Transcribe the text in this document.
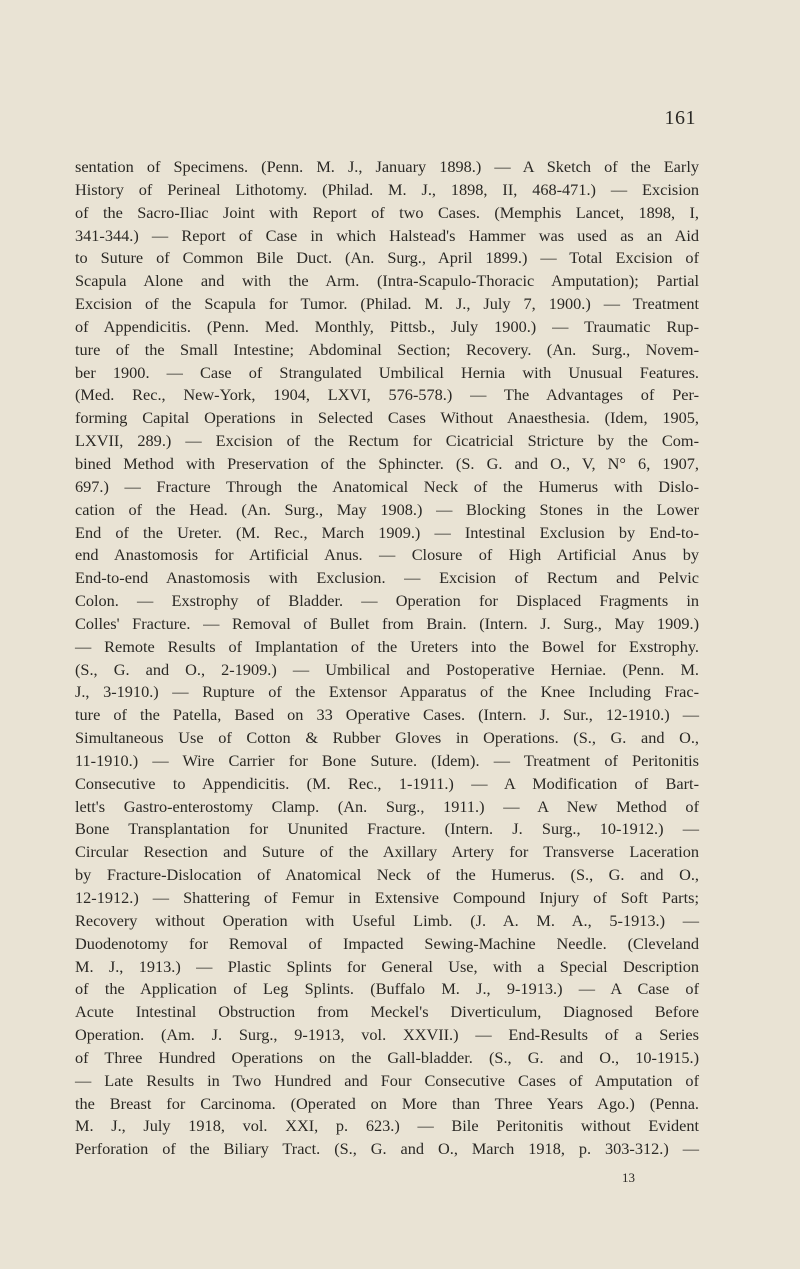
161
sentation of Specimens. (Penn. M. J., January 1898.) — A Sketch of the Early
History of Perineal Lithotomy. (Philad. M. J., 1898, II, 468-471.) — Excision
of the Sacro-Iliac Joint with Report of two Cases. (Memphis Lancet, 1898, I,
341-344.) — Report of Case in which Halstead's Hammer was used as an Aid
to Suture of Common Bile Duct. (An. Surg., April 1899.) — Total Excision of
Scapula Alone and with the Arm. (Intra-Scapulo-Thoracic Amputation); Partial
Excision of the Scapula for Tumor. (Philad. M. J., July 7, 1900.) — Treatment
of Appendicitis. (Penn. Med. Monthly, Pittsb., July 1900.) — Traumatic Rup-
ture of the Small Intestine; Abdominal Section; Recovery. (An. Surg., Novem-
ber 1900. — Case of Strangulated Umbilical Hernia with Unusual Features.
(Med. Rec., New-York, 1904, LXVI, 576-578.) — The Advantages of Per-
forming Capital Operations in Selected Cases Without Anaesthesia. (Idem, 1905,
LXVII, 289.) — Excision of the Rectum for Cicatricial Stricture by the Com-
bined Method with Preservation of the Sphincter. (S. G. and O., V, N° 6, 1907,
697.) — Fracture Through the Anatomical Neck of the Humerus with Dislo-
cation of the Head. (An. Surg., May 1908.) — Blocking Stones in the Lower
End of the Ureter. (M. Rec., March 1909.) — Intestinal Exclusion by End-to-
end Anastomosis for Artificial Anus. — Closure of High Artificial Anus by
End-to-end Anastomosis with Exclusion. — Excision of Rectum and Pelvic
Colon. — Exstrophy of Bladder. — Operation for Displaced Fragments in
Colles' Fracture. — Removal of Bullet from Brain. (Intern. J. Surg., May 1909.)
— Remote Results of Implantation of the Ureters into the Bowel for Exstrophy.
(S., G. and O., 2-1909.) — Umbilical and Postoperative Herniae. (Penn. M.
J., 3-1910.) — Rupture of the Extensor Apparatus of the Knee Including Frac-
ture of the Patella, Based on 33 Operative Cases. (Intern. J. Sur., 12-1910.) —
Simultaneous Use of Cotton & Rubber Gloves in Operations. (S., G. and O.,
11-1910.) — Wire Carrier for Bone Suture. (Idem). — Treatment of Peritonitis
Consecutive to Appendicitis. (M. Rec., 1-1911.) — A Modification of Bart-
lett's Gastro-enterostomy Clamp. (An. Surg., 1911.) — A New Method of
Bone Transplantation for Ununited Fracture. (Intern. J. Surg., 10-1912.) —
Circular Resection and Suture of the Axillary Artery for Transverse Laceration
by Fracture-Dislocation of Anatomical Neck of the Humerus. (S., G. and O.,
12-1912.) — Shattering of Femur in Extensive Compound Injury of Soft Parts;
Recovery without Operation with Useful Limb. (J. A. M. A., 5-1913.) —
Duodenotomy for Removal of Impacted Sewing-Machine Needle. (Cleveland
M. J., 1913.) — Plastic Splints for General Use, with a Special Description
of the Application of Leg Splints. (Buffalo M. J., 9-1913.) — A Case of
Acute Intestinal Obstruction from Meckel's Diverticulum, Diagnosed Before
Operation. (Am. J. Surg., 9-1913, vol. XXVII.) — End-Results of a Series
of Three Hundred Operations on the Gall-bladder. (S., G. and O., 10-1915.)
— Late Results in Two Hundred and Four Consecutive Cases of Amputation of
the Breast for Carcinoma. (Operated on More than Three Years Ago.) (Penna.
M. J., July 1918, vol. XXI, p. 623.) — Bile Peritonitis without Evident
Perforation of the Biliary Tract. (S., G. and O., March 1918, p. 303-312.) —
13
